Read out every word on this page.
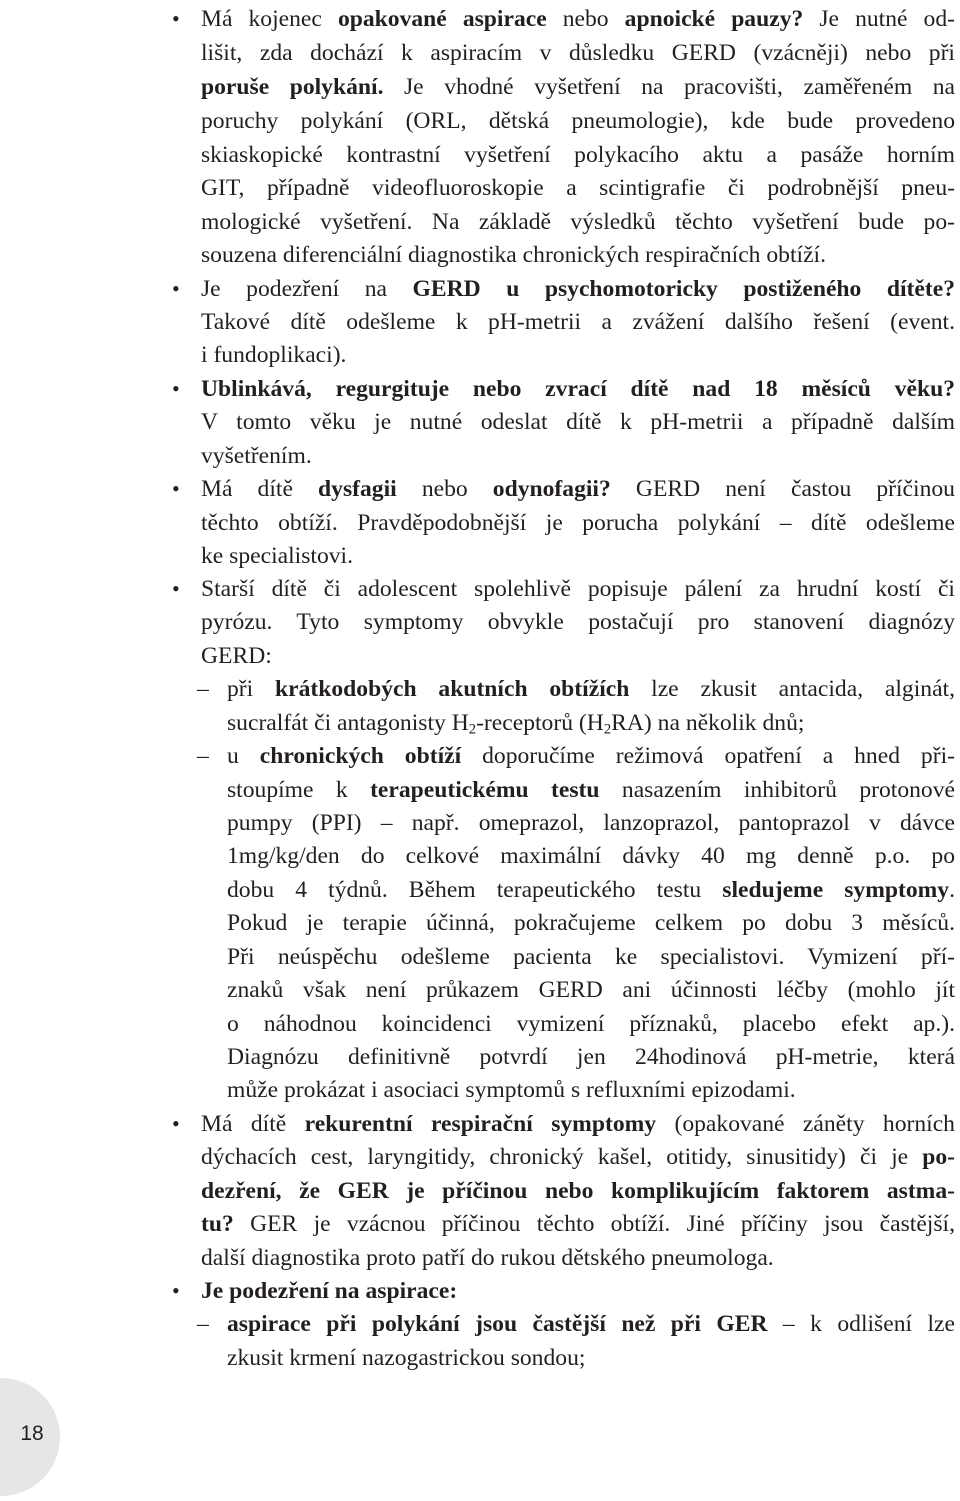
• Má kojenec opakované aspirace nebo apnoické pauzy? Je nutné od-
lišit, zda dochází k aspiracím v důsledku GERD (vzácněji) nebo při
poruše polykání. Je vhodné vyšetření na pracovišti, zaměřeném na
poruchy polykání (ORL, dětská pneumologie), kde bude provedeno
skiaskopické kontrastní vyšetření polykacího aktu a pasáže horním
GIT, případně videofluoroskopie a scintigrafie či podrobnější pneu-
mologické vyšetření. Na základě výsledků těchto vyšetření bude po-
souzena diferenciální diagnostika chronických respiračních obtíží.
• Je podezření na GERD u psychomotoricky postiženého dítěte?
Takové dítě odešleme k pH-metrii a zvážení dalšího řešení (event.
i fundoplikaci).
• Ublinkává, regurgituje nebo zvrací dítě nad 18 měsíců věku?
V tomto věku je nutné odeslat dítě k pH-metrii a případně dalším
vyšetřením.
• Má dítě dysfagii nebo odynofagii? GERD není častou příčinou
těchto obtíží. Pravděpodobnější je porucha polykání – dítě odešleme
ke specialistovi.
• Starší dítě či adolescent spolehlivě popisuje pálení za hrudní kostí či
pyrózu. Tyto symptomy obvykle postačují pro stanovení diagnózy
GERD:
– při krátkodobých akutních obtížích lze zkusit antacida, alginát,
sucralfát či antagonisty $H_2$-receptorů $(H_2RA)$ na několik dnů;
– u chronických obtíží doporučíme režimová opatření a hned při-
stoupíme k terapeutickému testu nasazením inhibitorů protonové
pumpy (PPI) – např. omeprazol, lanzoprazol, pantoprazol v dávce
1mg/kg/den do celkové maximální dávky 40 mg denně p.o. po
dobu 4 týdnů. Během terapeutického testu sledujeme symptomy.
Pokud je terapie účinná, pokračujeme celkem po dobu 3 měsíců.
Při neúspěchu odešleme pacienta ke specialistovi. Vymizení pří-
znaků však není průkazem GERD ani účinnosti léčby (mohlo jít
o náhodnou koincidenci vymizení příznaků, placebo efekt ap.).
Diagnózu definitivně potvrdí jen 24hodinová pH-metrie, která
může prokázat i asociaci symptomů s refluxními epizodami.
• Má dítě rekurentní respirační symptomy (opakované záněty horních
dýchacích cest, laryngitidy, chronický kašel, otitidy, sinusitidy) či je po-
dezření, že GER je příčinou nebo komplikujícím faktorem astma-
tu? GER je vzácnou příčinou těchto obtíží. Jiné příčiny jsou častější,
další diagnostika proto patří do rukou dětského pneumologa.
• Je podezření na aspirace:
– aspirace při polykání jsou častější než při GER – k odlišení lze
zkusit krmení nazogastrickou sondou;
18
